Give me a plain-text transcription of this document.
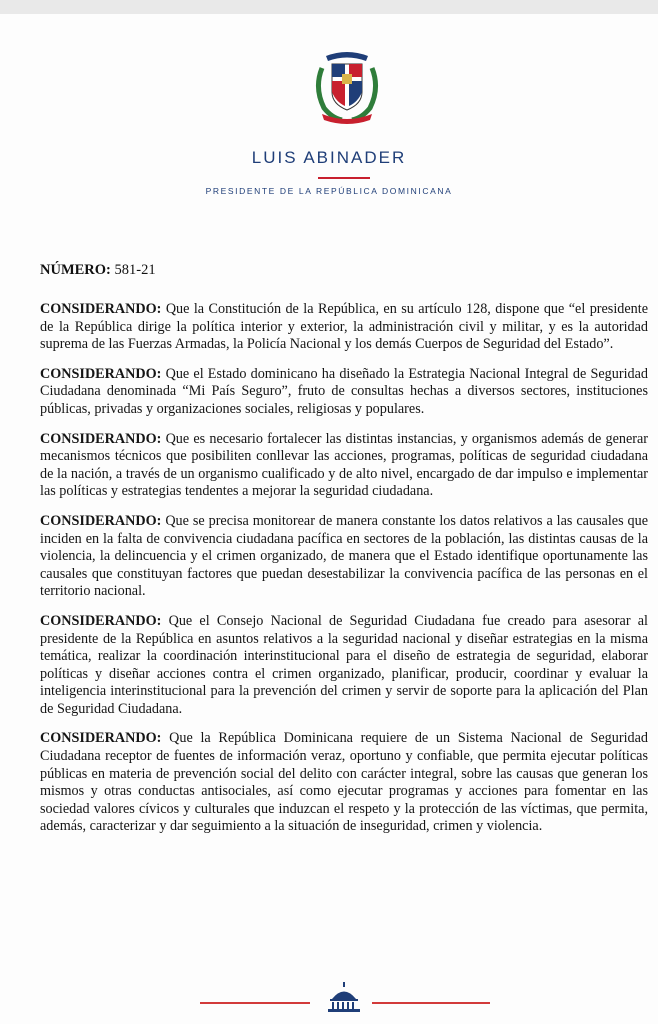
LUIS ABINADER
PRESIDENTE DE LA REPÚBLICA DOMINICANA
NÚMERO: 581-21

CONSIDERANDO: Que la Constitución de la República, en su artículo 128, dispone que “el presidente de la República dirige la política interior y exterior, la administración civil y militar, y es la autoridad suprema de las Fuerzas Armadas, la Policía Nacional y los demás Cuerpos de Seguridad del Estado”.

CONSIDERANDO: Que el Estado dominicano ha diseñado la Estrategia Nacional Integral de Seguridad Ciudadana denominada “Mi País Seguro”, fruto de consultas hechas a diversos sectores, instituciones públicas, privadas y organizaciones sociales, religiosas y populares.

CONSIDERANDO: Que es necesario fortalecer las distintas instancias, y organismos además de generar mecanismos técnicos que posibiliten conllevar las acciones, programas, políticas de seguridad ciudadana de la nación, a través de un organismo cualificado y de alto nivel, encargado de dar impulso e implementar las políticas y estrategias tendentes a mejorar la seguridad ciudadana.

CONSIDERANDO: Que se precisa monitorear de manera constante los datos relativos a las causales que inciden en la falta de convivencia ciudadana pacífica en sectores de la población, las distintas causas de la violencia, la delincuencia y el crimen organizado, de manera que el Estado identifique oportunamente las causales que constituyan factores que puedan desestabilizar la convivencia pacífica de las personas en el territorio nacional.

CONSIDERANDO: Que el Consejo Nacional de Seguridad Ciudadana fue creado para asesorar al presidente de la República en asuntos relativos a la seguridad nacional y diseñar estrategias en la misma temática, realizar la coordinación interinstitucional para el diseño de estrategia de seguridad, elaborar políticas y diseñar acciones contra el crimen organizado, planificar, producir, coordinar y evaluar la inteligencia interinstitucional para la prevención del crimen y servir de soporte para la aplicación del Plan de Seguridad Ciudadana.

CONSIDERANDO: Que la República Dominicana requiere de un Sistema Nacional de Seguridad Ciudadana receptor de fuentes de información veraz, oportuno y confiable, que permita ejecutar políticas públicas en materia de prevención social del delito con carácter integral, sobre las causas que generan los mismos y otras conductas antisociales, así como ejecutar programas y acciones para fomentar en las sociedad valores cívicos y culturales que induzcan el respeto y la protección de las víctimas, que permita, además, caracterizar y dar seguimiento a la situación de inseguridad, crimen y violencia.
